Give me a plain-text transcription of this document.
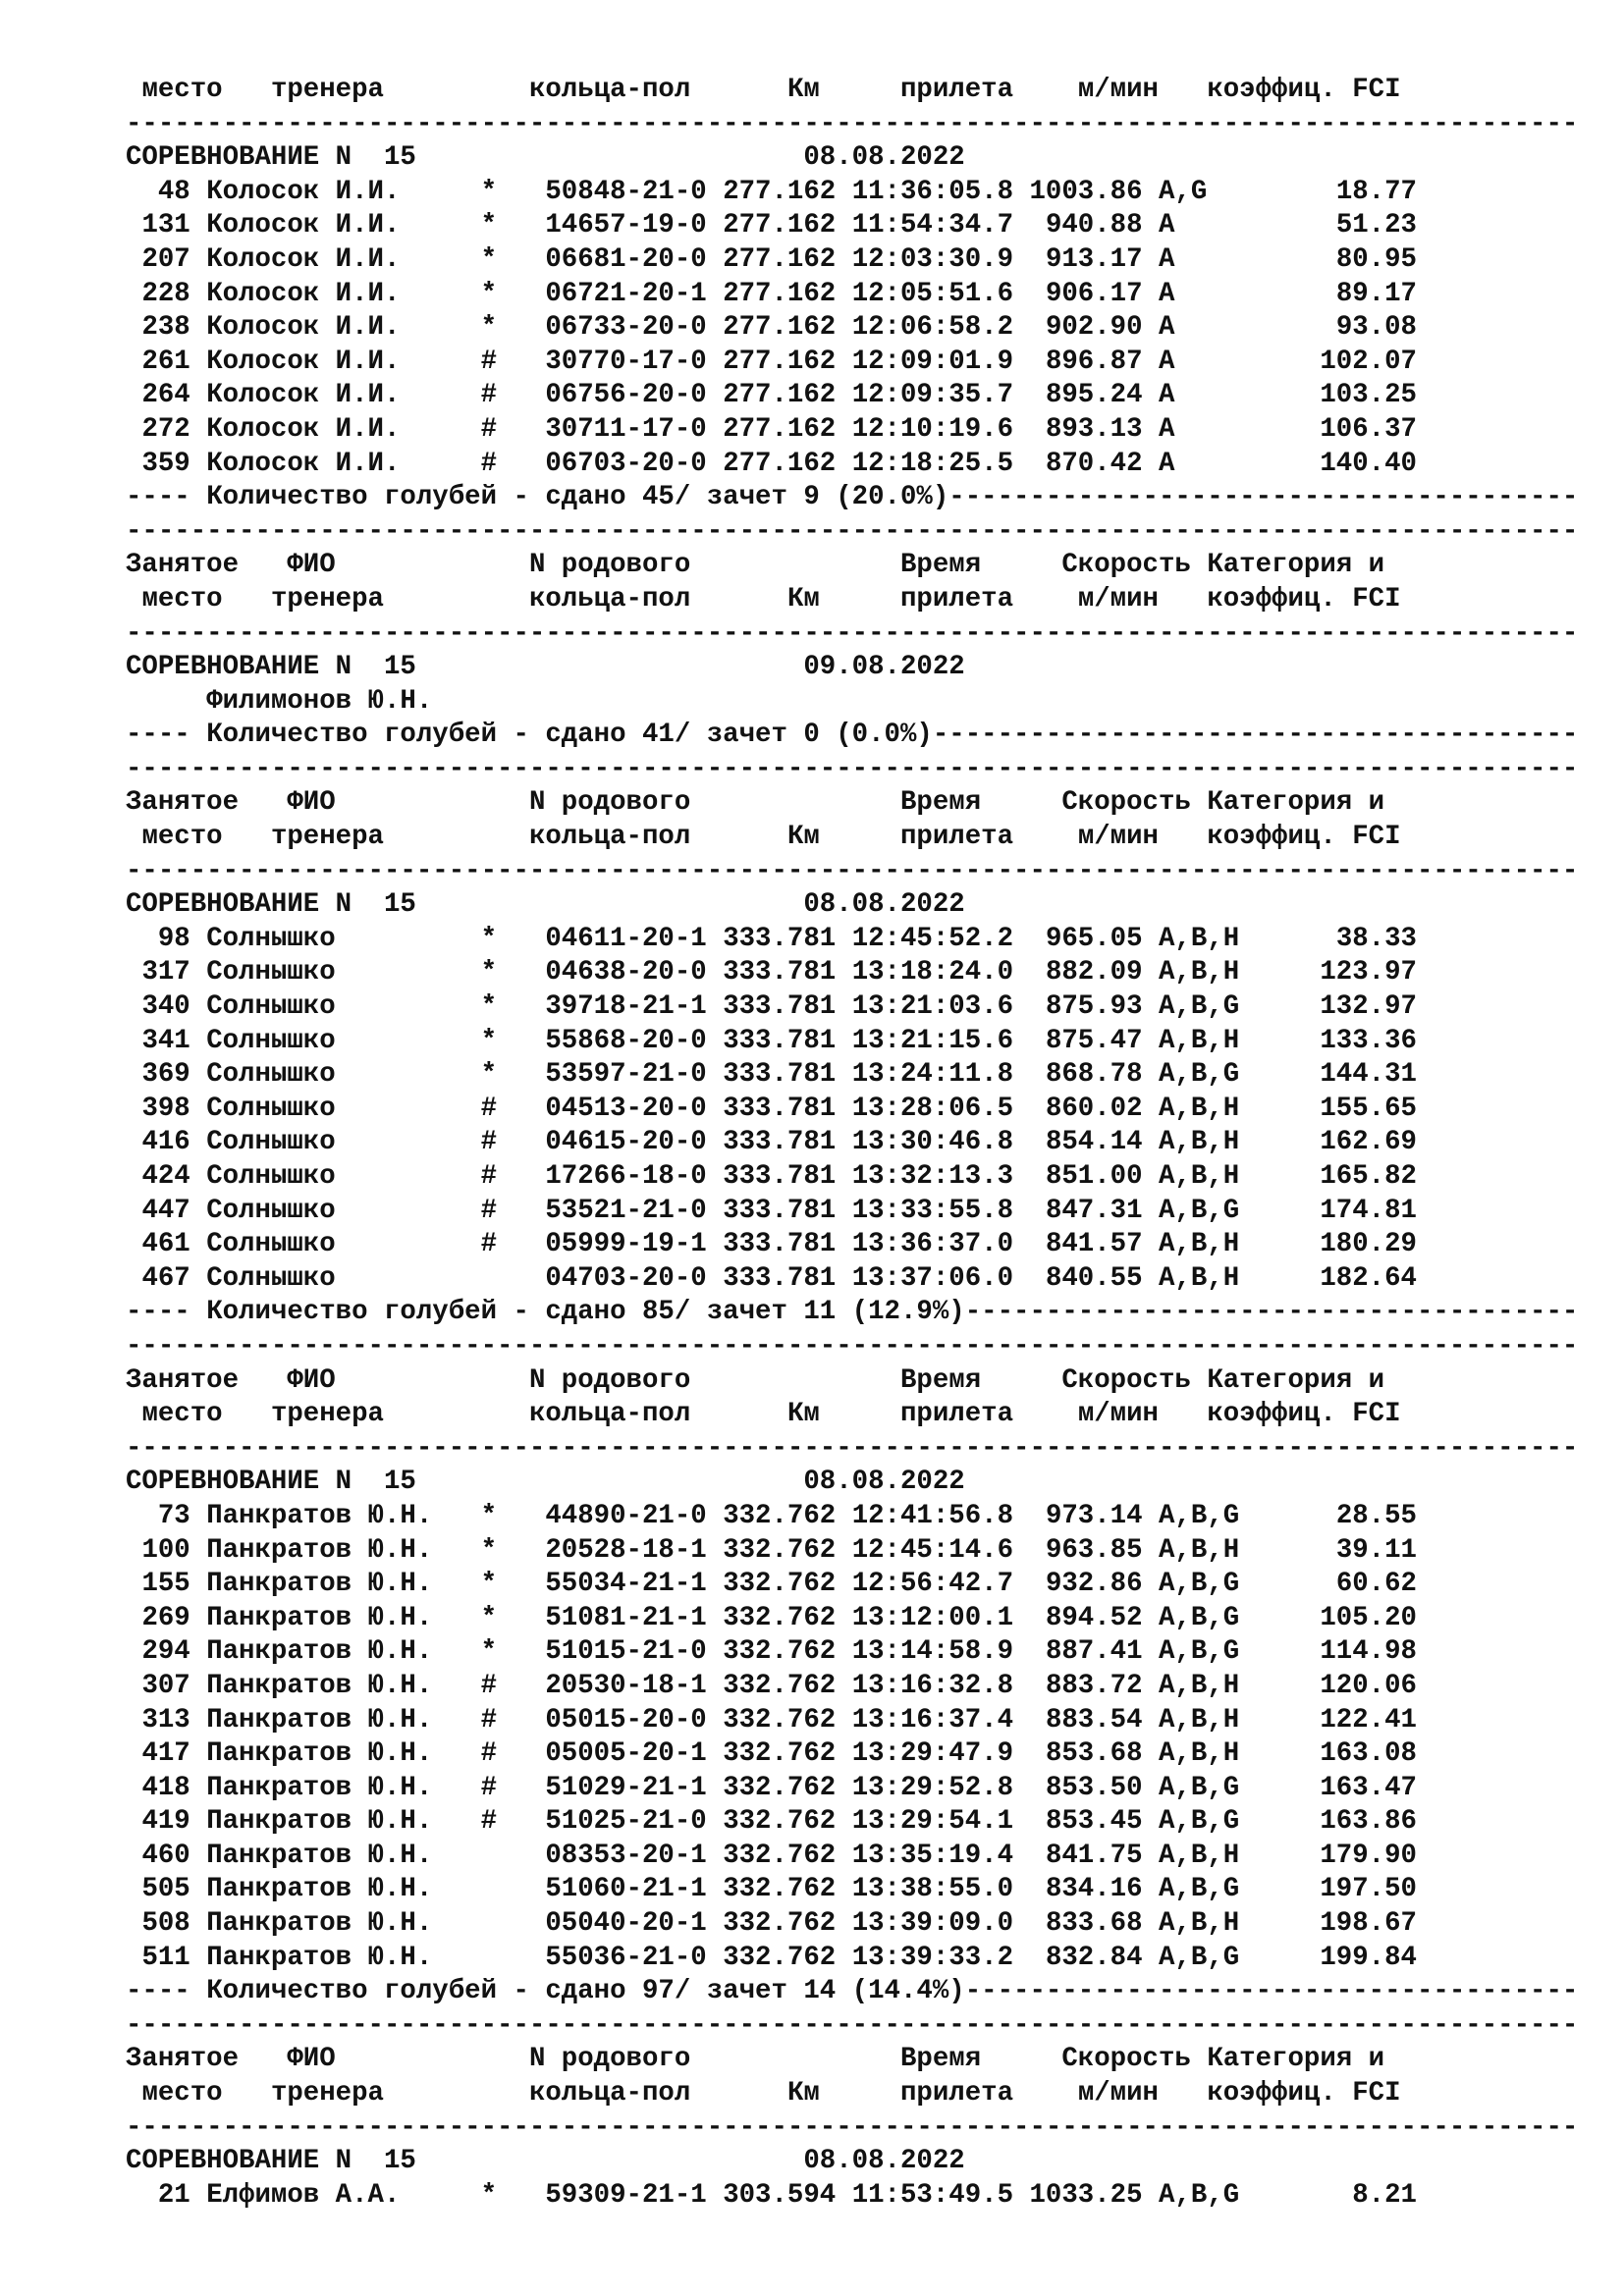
место тренера	кольца-пол	Км	прилета м/мин коэффиц. FCI
------------------------------------------------------------------------------------------
СОРЕВНОВАНИЕ N  15	08.08.2022
48 Колосок И.И.	* 50848-21-0 277.162 11:36:05.8 1003.86 A,G	18.77
131 Колосок И.И.	* 14657-19-0 277.162 11:54:34.7 940.88 A	51.23
207 Колосок И.И.	* 06681-20-0 277.162 12:03:30.9 913.17 A	80.95
228 Колосок И.И.	* 06721-20-1 277.162 12:05:51.6 906.17 A	89.17
238 Колосок И.И.	* 06733-20-0 277.162 12:06:58.2 902.90 A	93.08
261 Колосок И.И.	# 30770-17-0 277.162 12:09:01.9 896.87 A	102.07
264 Колосок И.И.	# 06756-20-0 277.162 12:09:35.7 895.24 A	103.25
272 Колосок И.И.	# 30711-17-0 277.162 12:10:19.6 893.13 A	106.37
359 Колосок И.И.	# 06703-20-0 277.162 12:18:25.5 870.42 A	140.40
---- Количество голубей - сдано 45/ зачет 9 (20.0%)---------------------------------------
------------------------------------------------------------------------------------------
Занятое ФИО	N родового	Время	Скорость Категория и
место тренера	кольца-пол	Км	прилета м/мин коэффиц. FCI
------------------------------------------------------------------------------------------
СОРЕВНОВАНИЕ N  15	09.08.2022
Филимонов Ю.Н.
---- Количество голубей - сдано 41/ зачет 0 (0.0%)----------------------------------------
------------------------------------------------------------------------------------------
Занятое ФИО	N родового	Время	Скорость Категория и
место тренера	кольца-пол	Км	прилета м/мин коэффиц. FCI
------------------------------------------------------------------------------------------
СОРЕВНОВАНИЕ N  15	08.08.2022
98 Солнышко	* 04611-20-1 333.781 12:45:52.2 965.05 A,B,H	38.33
317 Солнышко	* 04638-20-0 333.781 13:18:24.0 882.09 A,B,H	123.97
340 Солнышко	* 39718-21-1 333.781 13:21:03.6 875.93 A,B,G	132.97
341 Солнышко	* 55868-20-0 333.781 13:21:15.6 875.47 A,B,H	133.36
369 Солнышко	* 53597-21-0 333.781 13:24:11.8 868.78 A,B,G	144.31
398 Солнышко	# 04513-20-0 333.781 13:28:06.5 860.02 A,B,H	155.65
416 Солнышко	# 04615-20-0 333.781 13:30:46.8 854.14 A,B,H	162.69
424 Солнышко	# 17266-18-0 333.781 13:32:13.3 851.00 A,B,H	165.82
447 Солнышко	# 53521-21-0 333.781 13:33:55.8 847.31 A,B,G	174.81
461 Солнышко	# 05999-19-1 333.781 13:36:37.0 841.57 A,B,H	180.29
467 Солнышко	04703-20-0 333.781 13:37:06.0 840.55 A,B,H	182.64
---- Количество голубей - сдано 85/ зачет 11 (12.9%)--------------------------------------
------------------------------------------------------------------------------------------
Занятое ФИО	N родового	Время	Скорость Категория и
место тренера	кольца-пол	Км	прилета м/мин коэффиц. FCI
------------------------------------------------------------------------------------------
СОРЕВНОВАНИЕ N  15	08.08.2022
73 Панкратов Ю.Н. * 44890-21-0 332.762 12:41:56.8 973.14 A,B,G	28.55
100 Панкратов Ю.Н. * 20528-18-1 332.762 12:45:14.6 963.85 A,B,H	39.11
155 Панкратов Ю.Н. * 55034-21-1 332.762 12:56:42.7 932.86 A,B,G	60.62
269 Панкратов Ю.Н. * 51081-21-1 332.762 13:12:00.1 894.52 A,B,G	105.20
294 Панкратов Ю.Н. * 51015-21-0 332.762 13:14:58.9 887.41 A,B,G	114.98
307 Панкратов Ю.Н. # 20530-18-1 332.762 13:16:32.8 883.72 A,B,H	120.06
313 Панкратов Ю.Н. # 05015-20-0 332.762 13:16:37.4 883.54 A,B,H	122.41
417 Панкратов Ю.Н. # 05005-20-1 332.762 13:29:47.9 853.68 A,B,H	163.08
418 Панкратов Ю.Н. # 51029-21-1 332.762 13:29:52.8 853.50 A,B,G	163.47
419 Панкратов Ю.Н. # 51025-21-0 332.762 13:29:54.1 853.45 A,B,G	163.86
460 Панкратов Ю.Н.	08353-20-1 332.762 13:35:19.4 841.75 A,B,H	179.90
505 Панкратов Ю.Н.	51060-21-1 332.762 13:38:55.0 834.16 A,B,G	197.50
508 Панкратов Ю.Н.	05040-20-1 332.762 13:39:09.0 833.68 A,B,H	198.67
511 Панкратов Ю.Н.	55036-21-0 332.762 13:39:33.2 832.84 A,B,G	199.84
---- Количество голубей - сдано 97/ зачет 14 (14.4%)--------------------------------------
------------------------------------------------------------------------------------------
Занятое ФИО	N родового	Время	Скорость Категория и
место тренера	кольца-пол	Км	прилета м/мин коэффиц. FCI
------------------------------------------------------------------------------------------
СОРЕВНОВАНИЕ N  15	08.08.2022
21 Елфимов А.А.	* 59309-21-1 303.594 11:53:49.5 1033.25 A,B,G	8.21
